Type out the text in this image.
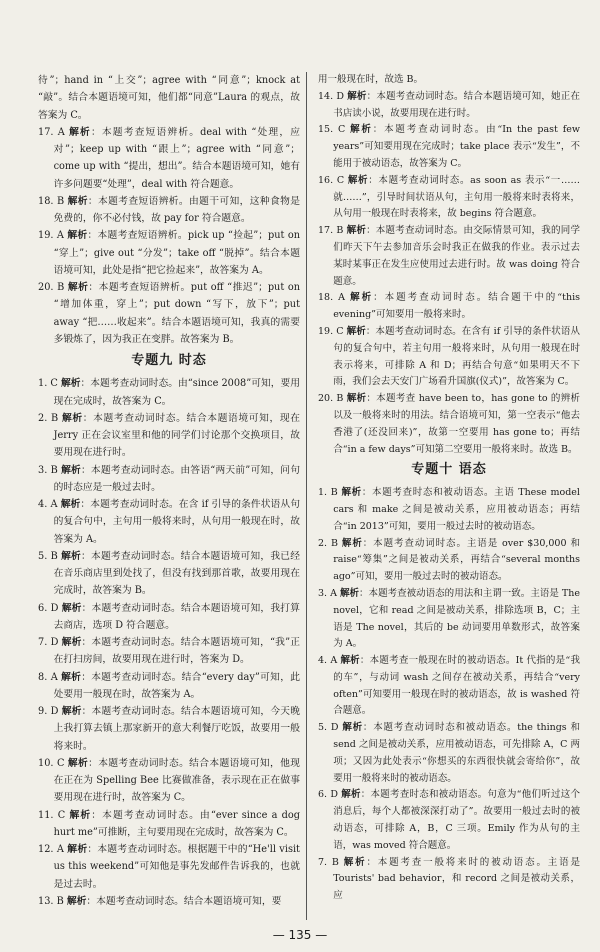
待”；hand in “上交”；agree with “同意”；knock at “敲”。结合本题语境可知，他们都“同意”Laura 的观点，故答案为 C。

17. A 解析：本题考查短语辨析。deal with “处理，应对”；keep up with “跟上”；agree with “同意”；come up with “提出，想出”。结合本题语境可知，她有许多问题要“处理”，deal with 符合题意。

18. B 解析：本题考查短语辨析。由题干可知，这种食物是免费的，你不必付钱，故 pay for 符合题意。

19. A 解析：本题考查短语辨析。pick up “捡起”；put on “穿上”；give out “分发”；take off “脱掉”。结合本题语境可知，此处是指“把它捡起来”，故答案为 A。

20. B 解析：本题考查短语辨析。put off “推迟”；put on “增加体重，穿上”；put down “写下，放下”；put away “把……收起来”。结合本题语境可知，我真的需要多锻炼了，因为我正在变胖。故答案为 B。

专题九 时态

1. C 解析：本题考查动词时态。由“since 2008”可知，要用现在完成时，故答案为 C。

2. B 解析：本题考查动词时态。结合本题语境可知，现在 Jerry 正在会议室里和他的同学们讨论那个交换项目，故要用现在进行时。

3. B 解析：本题考查动词时态。由答语“两天前”可知，问句的时态应是一般过去时。

4. A 解析：本题考查动词时态。在含 if 引导的条件状语从句的复合句中，主句用一般将来时，从句用一般现在时，故答案为 A。

5. B 解析：本题考查动词时态。结合本题语境可知，我已经在音乐商店里到处找了，但没有找到那首歌，故要用现在完成时，故答案为 B。

6. D 解析：本题考查动词时态。结合本题语境可知，我打算去商店，选项 D 符合题意。

7. D 解析：本题考查动词时态。结合本题语境可知，“我”正在打扫房间，故要用现在进行时，答案为 D。

8. A 解析：本题考查动词时态。结合“every day”可知，此处要用一般现在时，故答案为 A。

9. D 解析：本题考查动词时态。结合本题语境可知，今天晚上我打算去镇上那家新开的意大利餐厅吃饭，故要用一般将来时。

10. C 解析：本题考查动词时态。结合本题语境可知，他现在正在为 Spelling Bee 比赛做准备，表示现在正在做事要用现在进行时，故答案为 C。

11. C 解析：本题考查动词时态。由“ever since a dog hurt me”可推断，主句要用现在完成时，故答案为 C。

12. A 解析：本题考查动词时态。根据题干中的“He'll visit us this weekend”可知他是事先发邮件告诉我的，也就是过去时。

13. B 解析：本题考查动词时态。结合本题语境可知，要

用一般现在时，故选 B。

14. D 解析：本题考查动词时态。结合本题语境可知，她正在书店读小说，故要用现在进行时。

15. C 解析：本题考查动词时态。由“In the past few years”可知要用现在完成时；take place 表示“发生”，不能用于被动语态，故答案为 C。

16. C 解析：本题考查动词时态。as soon as 表示“一……就……”，引导时间状语从句，主句用一般将来时表将来，从句用一般现在时表将来，故 begins 符合题意。

17. B 解析：本题考查动词时态。由交际情景可知，我的同学们昨天下午去参加音乐会时我正在做我的作业。表示过去某时某事正在发生应使用过去进行时。故 was doing 符合题意。

18. A 解析：本题考查动词时态。结合题干中的“this evening”可知要用一般将来时。

19. C 解析：本题考查动词时态。在含有 if 引导的条件状语从句的复合句中，若主句用一般将来时，从句用一般现在时表示将来，可排除 A 和 D；再结合句意“如果明天不下雨，我们会去天安门广场看升国旗(仪式)”，故答案为 C。

20. B 解析：本题考查 have been to，has gone to 的辨析以及一般将来时的用法。结合语境可知，第一空表示“他去香港了(还没回来)”，故第一空要用 has gone to；再结合“in a few days”可知第二空要用一般将来时。故选 B。

专题十 语态

1. B 解析：本题考查时态和被动语态。主语 These model cars 和 make 之间是被动关系，应用被动语态；再结合“in 2013”可知，要用一般过去时的被动语态。

2. B 解析：本题考查动词时态。主语是 over $30,000 和 raise“筹集”之间是被动关系，再结合“several months ago”可知，要用一般过去时的被动语态。

3. A 解析：本题考查被动语态的用法和主谓一致。主语是 The novel，它和 read 之间是被动关系，排除选项 B，C；主语是 The novel，其后的 be 动词要用单数形式，故答案为 A。

4. A 解析：本题考查一般现在时的被动语态。It 代指的是“我的车”，与动词 wash 之间存在被动关系，再结合“very often”可知要用一般现在时的被动语态，故 is washed 符合题意。

5. D 解析：本题考查动词时态和被动语态。the things 和 send 之间是被动关系，应用被动语态，可先排除 A，C 两项；又因为此处表示“你想买的东西很快就会寄给你”，故要用一般将来时的被动语态。

6. D 解析：本题考查时态和被动语态。句意为“他们听过这个消息后，每个人都被深深打动了”。故要用一般过去时的被动语态，可排除 A，B，C 三项。Emily 作为从句的主语，was moved 符合题意。

7. B 解析：本题考查一般将来时的被动语态。主语是 Tourists' bad behavior，和 record 之间是被动关系，应

— 135 —
